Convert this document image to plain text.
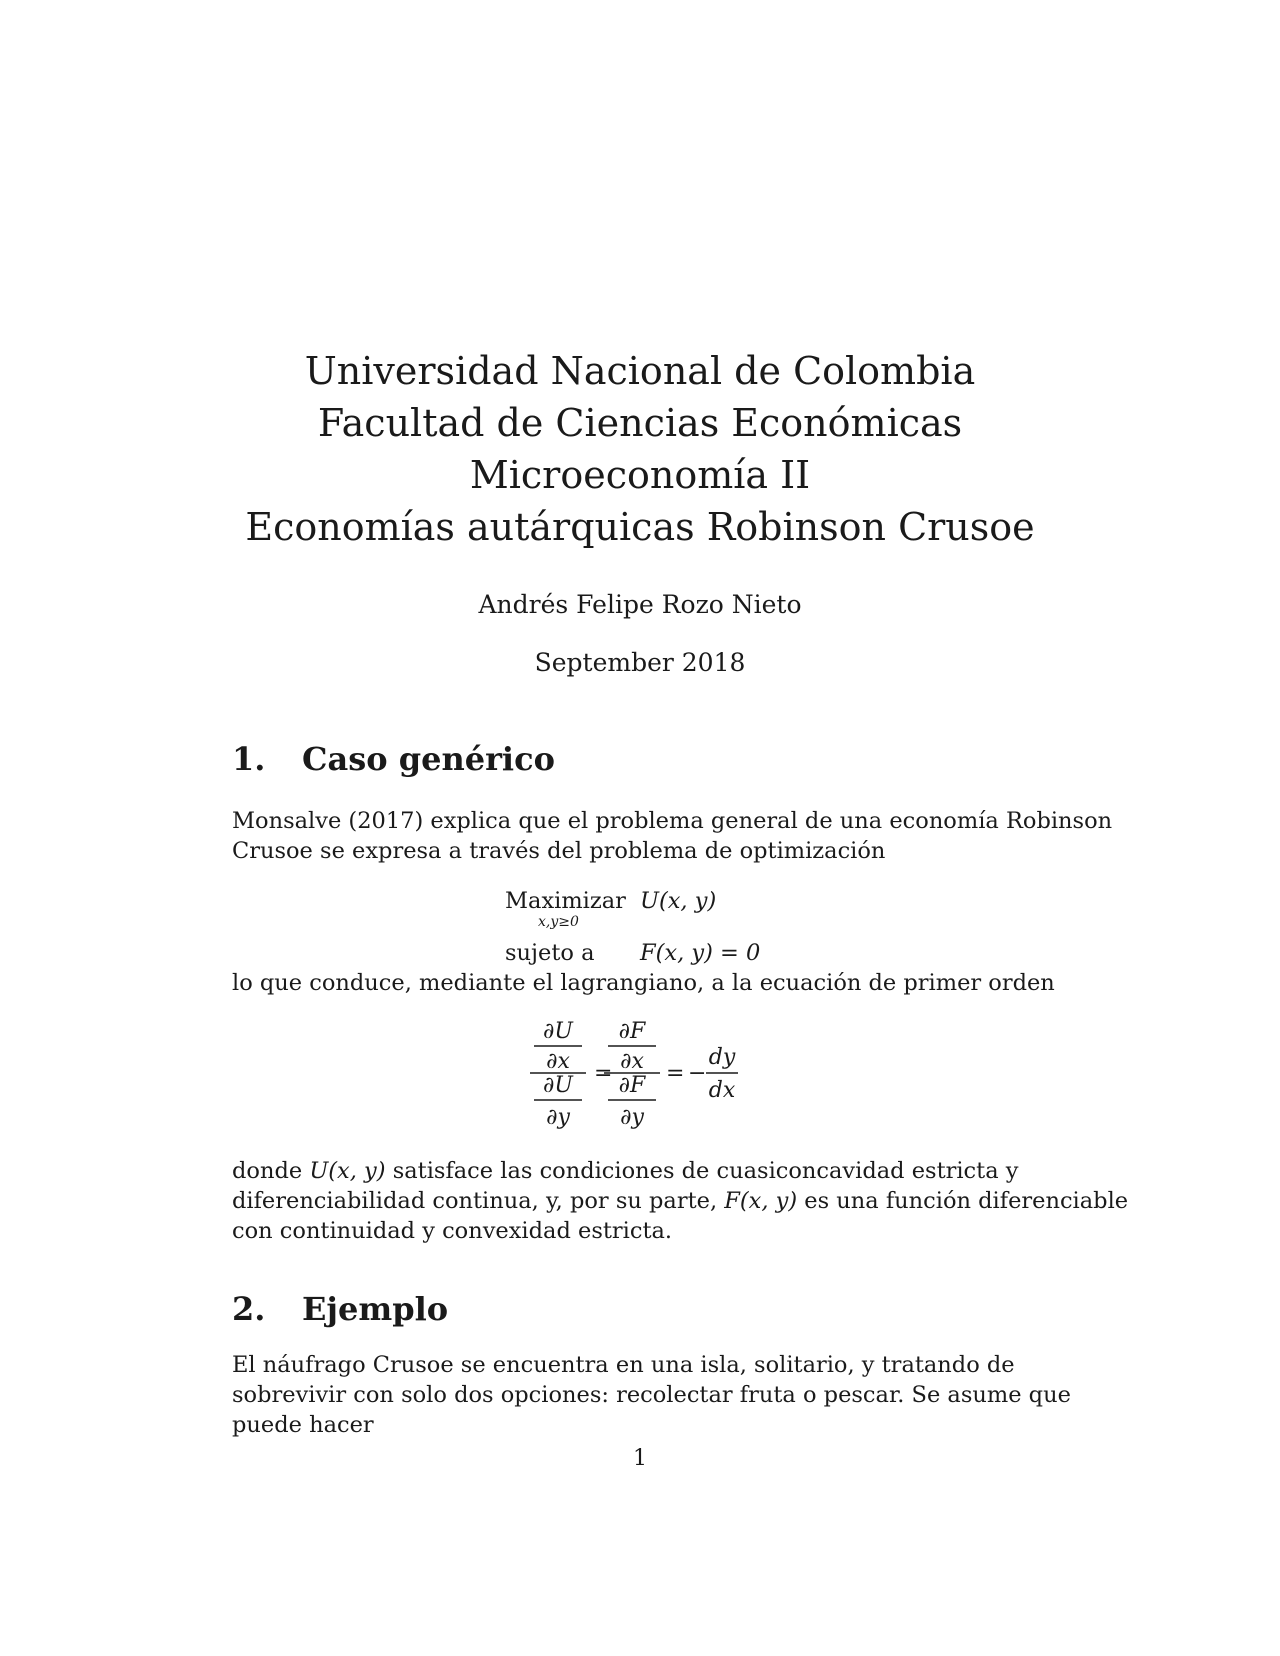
Universidad Nacional de Colombia

Facultad de Ciencias Económicas

Microeconomía II

Economías autárquicas Robinson Crusoe

Andrés Felipe Rozo Nieto
September 2018
1. Caso genérico

Monsalve (2017) explica que el problema general de una economía Robinson Crusoe se expresa a través del problema de optimización

Maximizar
x,y≥0
U(x, y)
sujeto a F(x, y) = 0

lo que conduce, mediante el lagrangiano, a la ecuación de primer orden

∂U
∂x
∂U
∂y
=
∂F
∂x
∂F
∂y
= −
dy
dx

donde U(x, y) satisface las condiciones de cuasiconcavidad estricta y diferenciabilidad continua, y, por su parte, F(x, y) es una función diferenciable con continuidad y convexidad estricta.

2. Ejemplo

El náufrago Crusoe se encuentra en una isla, solitario, y tratando de sobrevivir con solo dos opciones: recolectar fruta o pescar. Se asume que puede hacer

1
